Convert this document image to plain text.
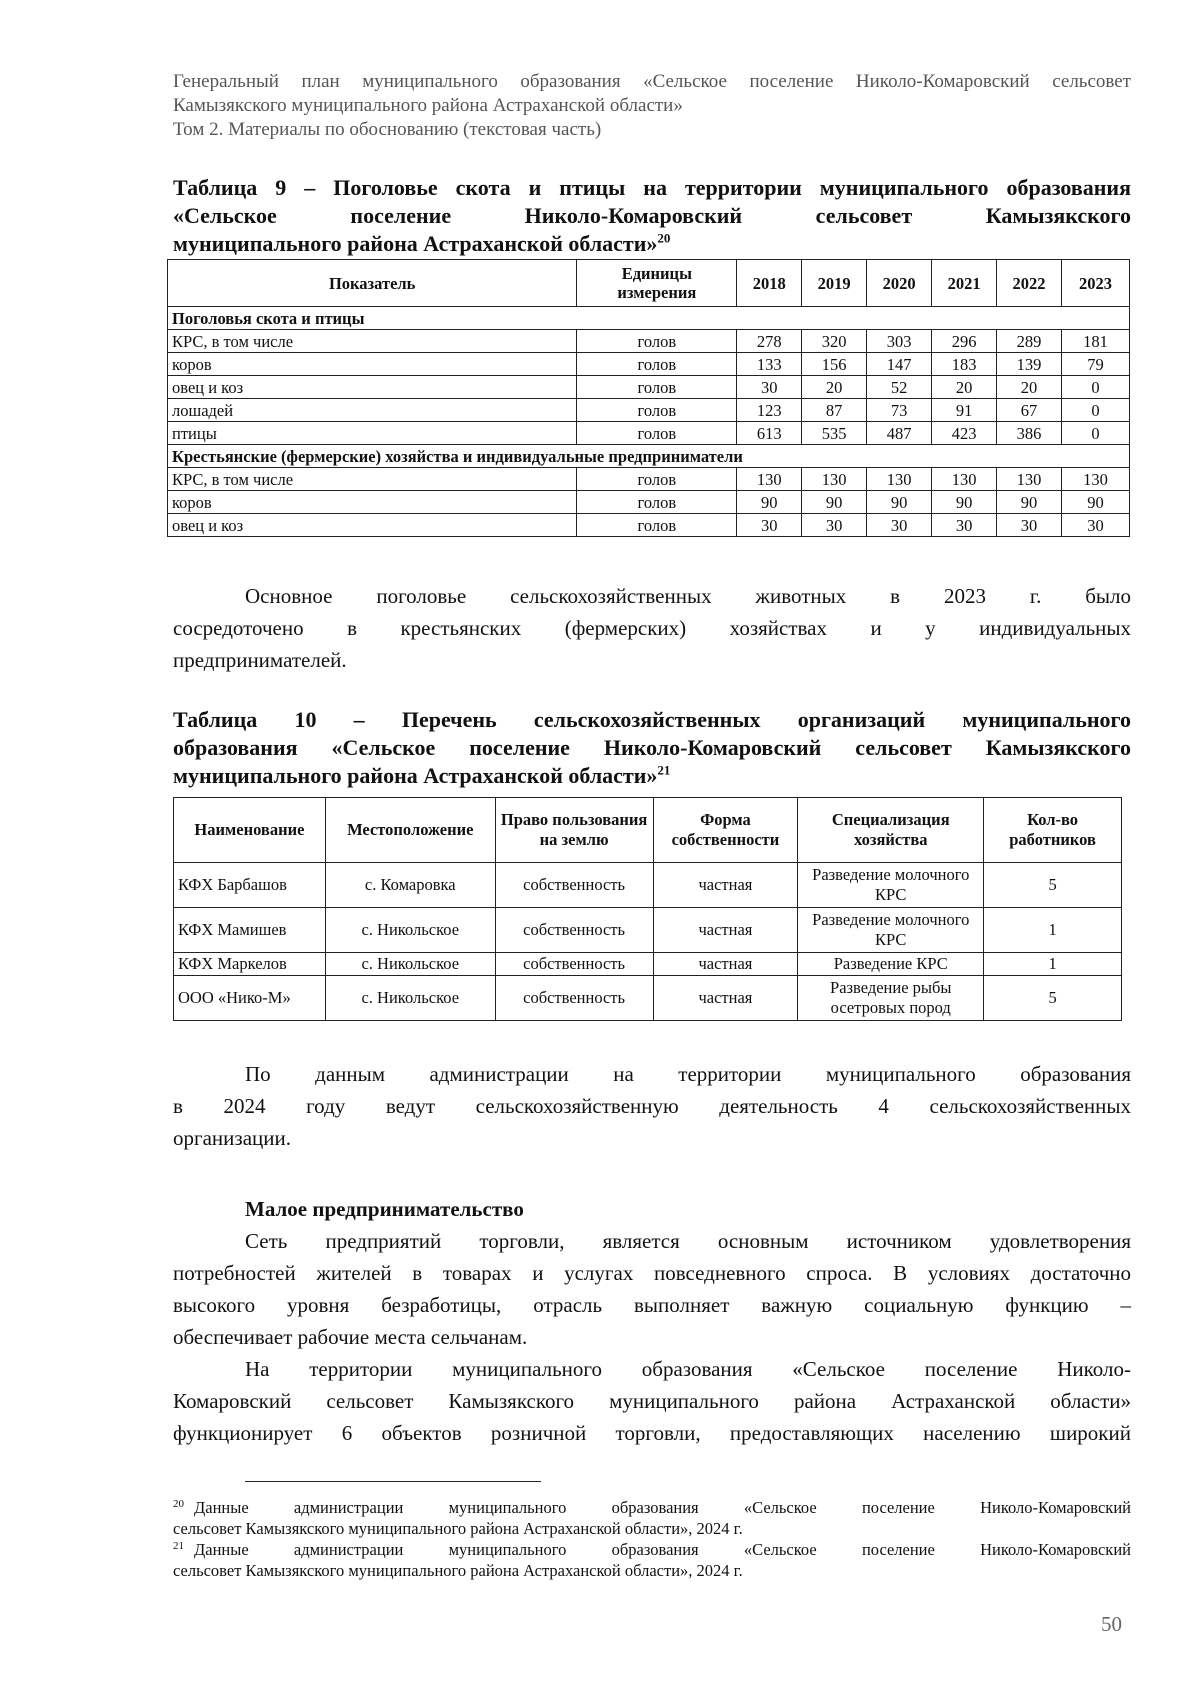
Генеральный план муниципального образования «Сельское поселение Николо-Комаровский сельсовет
Камызякского муниципального района Астраханской области»
Том 2. Материалы по обоснованию (текстовая часть)
Таблица 9 – Поголовье скота и птицы на территории муниципального образования
«Сельское поселение Николо-Комаровский сельсовет Камызякского
муниципального района Астраханской области»$^{20}$
Показатель	Единицы измерения	2018	2019	2020	2021	2022	2023
Поголовья скота и птицы							
КРС, в том числе	голов	278	320	303	296	289	181
коров	голов	133	156	147	183	139	79
овец и коз	голов	30	20	52	20	20	0
лошадей	голов	123	87	73	91	67	0
птицы	голов	613	535	487	423	386	0
Крестьянские (фермерские) хозяйства и индивидуальные предприниматели							
КРС, в том числе	голов	130	130	130	130	130	130
коров	голов	90	90	90	90	90	90
овец и коз	голов	30	30	30	30	30	30
Основное поголовье сельскохозяйственных животных в 2023 г. было
сосредоточено в крестьянских (фермерских) хозяйствах и у индивидуальных
предпринимателей.
Таблица 10 – Перечень сельскохозяйственных организаций муниципального
образования «Сельское поселение Николо-Комаровский сельсовет Камызякского
муниципального района Астраханской области»$^{21}$
Наименование	Местоположение	Право пользования на землю	Форма собственности	Специализация хозяйства	Кол-во работников
КФХ Барбашов	с. Комаровка	собственность	частная	Разведение молочного КРС	5
КФХ Мамишев	с. Никольское	собственность	частная	Разведение молочного КРС	1
КФХ Маркелов	с. Никольское	собственность	частная	Разведение КРС	1
ООО «Нико-М»	с. Никольское	собственность	частная	Разведение рыбы осетровых пород	5
По данным администрации на территории муниципального образования
в 2024 году ведут сельскохозяйственную деятельность 4 сельскохозяйственных
организации.
Малое предпринимательство
Сеть предприятий торговли, является основным источником удовлетворения
потребностей жителей в товарах и услугах повседневного спроса. В условиях достаточно
высокого уровня безработицы, отрасль выполняет важную социальную функцию –
обеспечивает рабочие места сельчанам.
На территории муниципального образования «Сельское поселение Николо-
Комаровский сельсовет Камызякского муниципального района Астраханской области»
функционирует 6 объектов розничной торговли, предоставляющих населению широкий
$^{20}$ Данные администрации муниципального образования «Сельское поселение Николо-Комаровский
сельсовет Камызякского муниципального района Астраханской области», 2024 г.
$^{21}$ Данные администрации муниципального образования «Сельское поселение Николо-Комаровский
сельсовет Камызякского муниципального района Астраханской области», 2024 г.
50
